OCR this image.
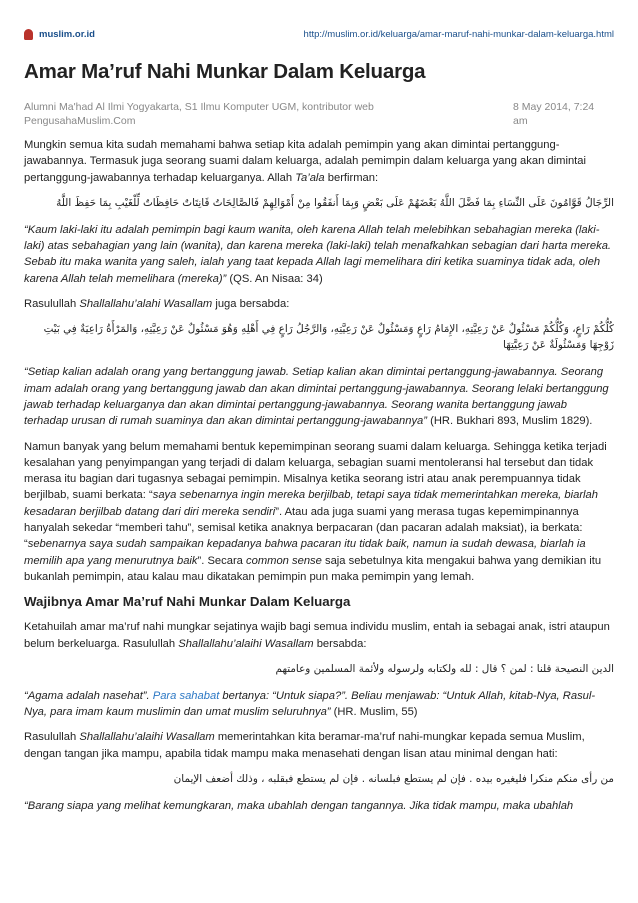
muslim.or.id	http://muslim.or.id/keluarga/amar-maruf-nahi-munkar-dalam-keluarga.html
Amar Ma’ruf Nahi Munkar Dalam Keluarga
Alumni Ma'had Al Ilmi Yogyakarta, S1 Ilmu Komputer UGM, kontributor web
PengusahaMuslim.Com
8 May 2014, 7:24
am

Mungkin semua kita sudah memahami bahwa setiap kita adalah pemimpin yang akan dimintai pertanggung-jawabannya. Termasuk juga seorang suami dalam keluarga, adalah pemimpin dalam keluarga yang akan dimintai pertanggung-jawabannya terhadap keluarganya. Allah Ta’ala berfirman:

الرِّجَالُ قَوَّامُونَ عَلَى النِّسَاءِ بِمَا فَضَّلَ اللَّهُ بَعْضَهُمْ عَلَى بَعْضٍ وَبِمَا أَنفَقُوا مِنْ أَمْوَالِهِمْ فَالصَّالِحَاتُ قَانِتَاتٌ حَافِظَاتٌ لِّلْغَيْبِ بِمَا حَفِظَ اللَّهُ

“Kaum laki-laki itu adalah pemimpin bagi kaum wanita, oleh karena Allah telah melebihkan sebahagian mereka (laki-laki) atas sebahagian yang lain (wanita), dan karena mereka (laki-laki) telah menafkahkan sebagian dari harta mereka. Sebab itu maka wanita yang saleh, ialah yang taat kepada Allah lagi memelihara diri ketika suaminya tidak ada, oleh karena Allah telah memelihara (mereka)” (QS. An Nisaa: 34)

Rasulullah Shallallahu’alahi Wasallam juga bersabda:

كُلُّكُمْ رَاعٍ، وَكُلُّكُمْ مَسْئُولٌ عَنْ رَعِيَّتِهِ، الإِمَامُ رَاعٍ وَمَسْئُولٌ عَنْ رَعِيَّتِهِ، وَالرَّجُلُ رَاعٍ فِي أَهْلِهِ وَهُوَ مَسْئُولٌ عَنْ رَعِيَّتِهِ، وَالمَرْأَةُ رَاعِيَةٌ فِي بَيْتِ زَوْجِهَا وَمَسْئُولَةٌ عَنْ رَعِيَّتِهَا

“Setiap kalian adalah orang yang bertanggung jawab. Setiap kalian akan dimintai pertanggung-jawabannya. Seorang imam adalah orang yang bertanggung jawab dan akan dimintai pertanggung-jawabannya. Seorang lelaki bertanggung jawab terhadap keluarganya dan akan dimintai pertanggung-jawabannya. Seorang wanita bertanggung jawab terhadap urusan di rumah suaminya dan akan dimintai pertanggung-jawabannya” (HR. Bukhari 893, Muslim 1829).

Namun banyak yang belum memahami bentuk kepemimpinan seorang suami dalam keluarga. Sehingga ketika terjadi kesalahan yang penyimpangan yang terjadi di dalam keluarga, sebagian suami mentoleransi hal tersebut dan tidak merasa itu bagian dari tugasnya sebagai pemimpin. Misalnya ketika seorang istri atau anak perempuannya tidak berjilbab, suami berkata: “saya sebenarnya ingin mereka berjilbab, tetapi saya tidak memerintahkan mereka, biarlah kesadaran berjilbab datang dari diri mereka sendiri”. Atau ada juga suami yang merasa tugas kepemimpinannya hanyalah sekedar “memberi tahu”, semisal ketika anaknya berpacaran (dan pacaran adalah maksiat), ia berkata: “sebenarnya saya sudah sampaikan kepadanya bahwa pacaran itu tidak baik, namun ia sudah dewasa, biarlah ia memilih apa yang menurutnya baik”. Secara common sense saja sebetulnya kita mengakui bahwa yang demikian itu bukanlah pemimpin, atau kalau mau dikatakan pemimpin pun maka pemimpin yang lemah.

Wajibnya Amar Ma’ruf Nahi Munkar Dalam Keluarga

Ketahuilah amar ma’ruf nahi mungkar sejatinya wajib bagi semua individu muslim, entah ia sebagai anak, istri ataupun belum berkeluarga. Rasulullah Shallallahu’alaihi Wasallam bersabda:

الدين النصيحة قلنا : لمن ؟ قال : لله ولكتابه ولرسوله ولأئمة المسلمين وعامتهم

“Agama adalah nasehat”. Para sahabat bertanya: “Untuk siapa?”. Beliau menjawab: “Untuk Allah, kitab-Nya, Rasul-Nya, para imam kaum muslimin dan umat muslim seluruhnya” (HR. Muslim, 55)

Rasulullah Shallallahu’alaihi Wasallam memerintahkan kita beramar-ma’ruf nahi-mungkar kepada semua Muslim, dengan tangan jika mampu, apabila tidak mampu maka menasehati dengan lisan atau minimal dengan hati:

من رأى منكم منكرا فليغيره بيده . فإن لم يستطع فبلسانه . فإن لم يستطع فبقلبه ، وذلك أضعف الإيمان

“Barang siapa yang melihat kemungkaran, maka ubahlah dengan tangannya. Jika tidak mampu, maka ubahlah
